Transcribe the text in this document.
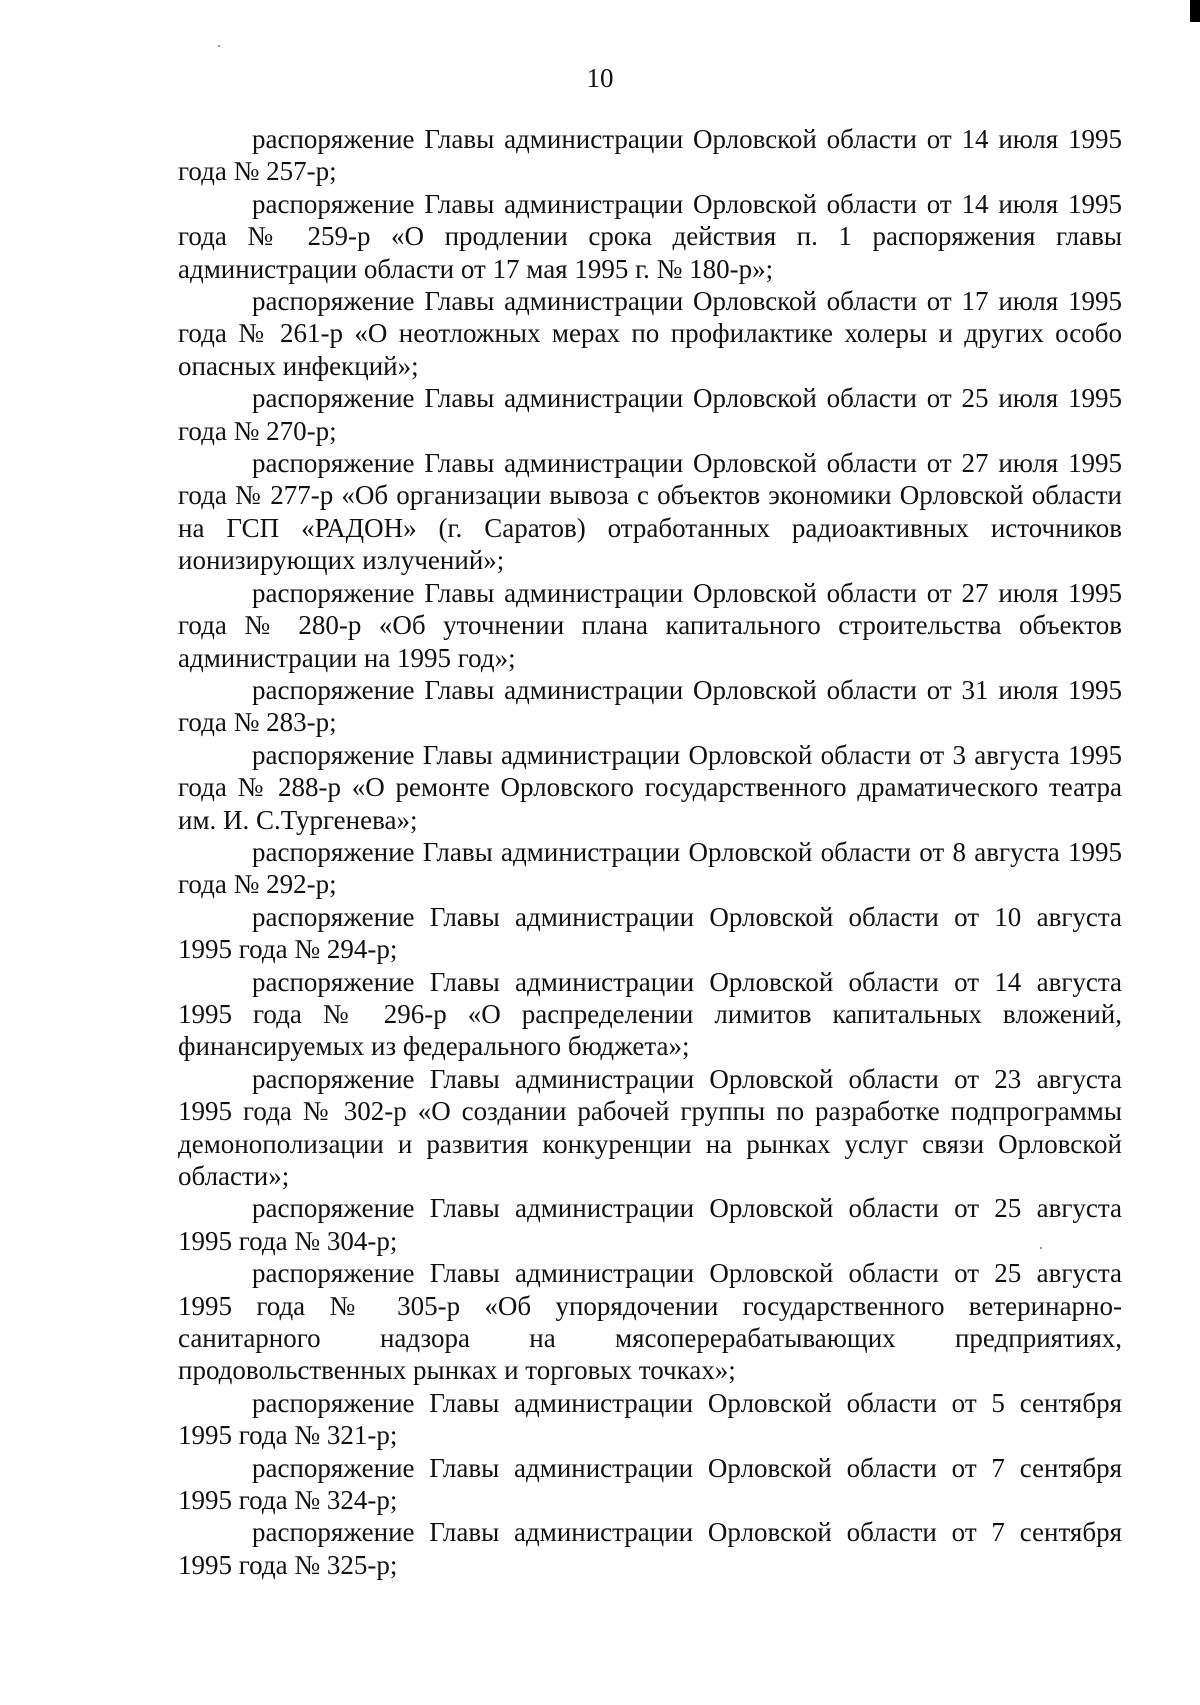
10

распоряжение Главы администрации Орловской области от 14 июля 1995 года № 257-р;

распоряжение Главы администрации Орловской области от 14 июля 1995 года № 259-р «О продлении срока действия п. 1 распоряжения главы администрации области от 17 мая 1995 г. № 180-р»;

распоряжение Главы администрации Орловской области от 17 июля 1995 года № 261-р «О неотложных мерах по профилактике холеры и других особо опасных инфекций»;

распоряжение Главы администрации Орловской области от 25 июля 1995 года № 270-р;

распоряжение Главы администрации Орловской области от 27 июля 1995 года № 277-р «Об организации вывоза с объектов экономики Орловской области на ГСП «РАДОН» (г. Саратов) отработанных радиоактивных источников ионизирующих излучений»;

распоряжение Главы администрации Орловской области от 27 июля 1995 года № 280-р «Об уточнении плана капитального строительства объектов администрации на 1995 год»;

распоряжение Главы администрации Орловской области от 31 июля 1995 года № 283-р;

распоряжение Главы администрации Орловской области от 3 августа 1995 года № 288-р «О ремонте Орловского государственного драматического театра им. И. С.Тургенева»;

распоряжение Главы администрации Орловской области от 8 августа 1995 года № 292-р;

распоряжение Главы администрации Орловской области от 10 августа 1995 года № 294-р;

распоряжение Главы администрации Орловской области от 14 августа 1995 года № 296-р «О распределении лимитов капитальных вложений, финансируемых из федерального бюджета»;

распоряжение Главы администрации Орловской области от 23 августа 1995 года № 302-р «О создании рабочей группы по разработке подпрограммы демонополизации и развития конкуренции на рынках услуг связи Орловской области»;

распоряжение Главы администрации Орловской области от 25 августа 1995 года № 304-р;

распоряжение Главы администрации Орловской области от 25 августа 1995 года № 305-р «Об упорядочении государственного ветеринарно-санитарного надзора на мясоперерабатывающих предприятиях, продовольственных рынках и торговых точках»;

распоряжение Главы администрации Орловской области от 5 сентября 1995 года № 321-р;

распоряжение Главы администрации Орловской области от 7 сентября 1995 года № 324-р;

распоряжение Главы администрации Орловской области от 7 сентября 1995 года № 325-р;
